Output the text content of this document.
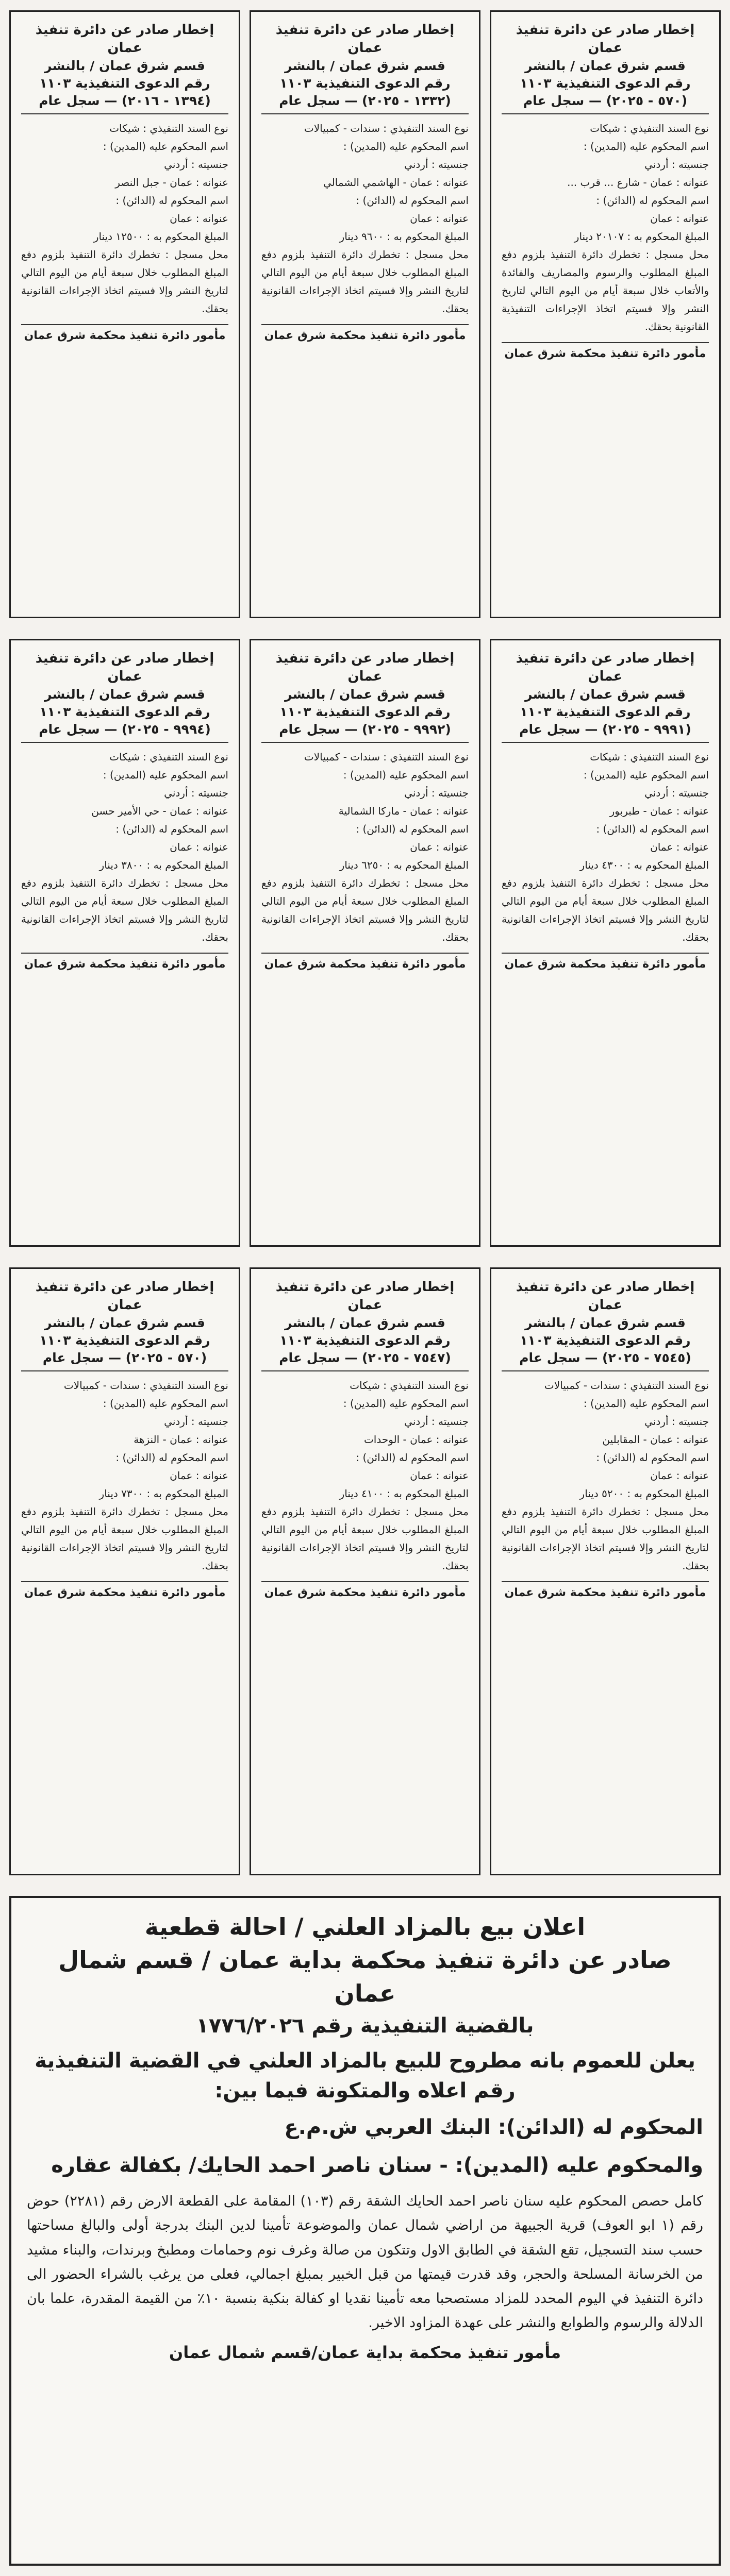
إخطار صادر عن دائرة تنفيذ عمان
قسم شرق عمان / بالنشر
رقم الدعوى التنفيذية ١١٠٣
(٥٧٠ - ٢٠٢٥) — سجل عام
نوع السند التنفيذي : شيكات
اسم المحكوم عليه (المدين) :
جنسيته : أردني
عنوانه : عمان - شارع ... قرب ...
اسم المحكوم له (الدائن) :
عنوانه : عمان
المبلغ المحكوم به : ٢٠١٠٧ دينار
محل مسجل : تخطرك دائرة التنفيذ بلزوم دفع المبلغ المطلوب والرسوم والمصاريف والفائدة والأتعاب خلال سبعة أيام من اليوم التالي لتاريخ النشر وإلا فسيتم اتخاذ الإجراءات التنفيذية القانونية بحقك.
مأمور دائرة تنفيذ محكمة شرق عمان
إخطار صادر عن دائرة تنفيذ عمان
قسم شرق عمان / بالنشر
رقم الدعوى التنفيذية ١١٠٣
(١٣٣٢ - ٢٠٢٥) — سجل عام
نوع السند التنفيذي : سندات - كمبيالات
اسم المحكوم عليه (المدين) :
جنسيته : أردني
عنوانه : عمان - الهاشمي الشمالي
اسم المحكوم له (الدائن) :
عنوانه : عمان
المبلغ المحكوم به : ٩٦٠٠ دينار
محل مسجل : تخطرك دائرة التنفيذ بلزوم دفع المبلغ المطلوب خلال سبعة أيام من اليوم التالي لتاريخ النشر وإلا فسيتم اتخاذ الإجراءات القانونية بحقك.
مأمور دائرة تنفيذ محكمة شرق عمان
إخطار صادر عن دائرة تنفيذ عمان
قسم شرق عمان / بالنشر
رقم الدعوى التنفيذية ١١٠٣
(١٣٩٤ - ٢٠١٦) — سجل عام
نوع السند التنفيذي : شيكات
اسم المحكوم عليه (المدين) :
جنسيته : أردني
عنوانه : عمان - جبل النصر
اسم المحكوم له (الدائن) :
عنوانه : عمان
المبلغ المحكوم به : ١٢٥٠٠ دينار
محل مسجل : تخطرك دائرة التنفيذ بلزوم دفع المبلغ المطلوب خلال سبعة أيام من اليوم التالي لتاريخ النشر وإلا فسيتم اتخاذ الإجراءات القانونية بحقك.
مأمور دائرة تنفيذ محكمة شرق عمان
إخطار صادر عن دائرة تنفيذ عمان
قسم شرق عمان / بالنشر
رقم الدعوى التنفيذية ١١٠٣
(٩٩٩١ - ٢٠٢٥) — سجل عام
نوع السند التنفيذي : شيكات
اسم المحكوم عليه (المدين) :
جنسيته : أردني
عنوانه : عمان - طبربور
اسم المحكوم له (الدائن) :
عنوانه : عمان
المبلغ المحكوم به : ٤٣٠٠ دينار
محل مسجل : تخطرك دائرة التنفيذ بلزوم دفع المبلغ المطلوب خلال سبعة أيام من اليوم التالي لتاريخ النشر وإلا فسيتم اتخاذ الإجراءات القانونية بحقك.
مأمور دائرة تنفيذ محكمة شرق عمان
إخطار صادر عن دائرة تنفيذ عمان
قسم شرق عمان / بالنشر
رقم الدعوى التنفيذية ١١٠٣
(٩٩٩٢ - ٢٠٢٥) — سجل عام
نوع السند التنفيذي : سندات - كمبيالات
اسم المحكوم عليه (المدين) :
جنسيته : أردني
عنوانه : عمان - ماركا الشمالية
اسم المحكوم له (الدائن) :
عنوانه : عمان
المبلغ المحكوم به : ٦٢٥٠ دينار
محل مسجل : تخطرك دائرة التنفيذ بلزوم دفع المبلغ المطلوب خلال سبعة أيام من اليوم التالي لتاريخ النشر وإلا فسيتم اتخاذ الإجراءات القانونية بحقك.
مأمور دائرة تنفيذ محكمة شرق عمان
إخطار صادر عن دائرة تنفيذ عمان
قسم شرق عمان / بالنشر
رقم الدعوى التنفيذية ١١٠٣
(٩٩٩٤ - ٢٠٢٥) — سجل عام
نوع السند التنفيذي : شيكات
اسم المحكوم عليه (المدين) :
جنسيته : أردني
عنوانه : عمان - حي الأمير حسن
اسم المحكوم له (الدائن) :
عنوانه : عمان
المبلغ المحكوم به : ٣٨٠٠ دينار
محل مسجل : تخطرك دائرة التنفيذ بلزوم دفع المبلغ المطلوب خلال سبعة أيام من اليوم التالي لتاريخ النشر وإلا فسيتم اتخاذ الإجراءات القانونية بحقك.
مأمور دائرة تنفيذ محكمة شرق عمان
إخطار صادر عن دائرة تنفيذ عمان
قسم شرق عمان / بالنشر
رقم الدعوى التنفيذية ١١٠٣
(٧٥٤٥ - ٢٠٢٥) — سجل عام
نوع السند التنفيذي : سندات - كمبيالات
اسم المحكوم عليه (المدين) :
جنسيته : أردني
عنوانه : عمان - المقابلين
اسم المحكوم له (الدائن) :
عنوانه : عمان
المبلغ المحكوم به : ٥٢٠٠ دينار
محل مسجل : تخطرك دائرة التنفيذ بلزوم دفع المبلغ المطلوب خلال سبعة أيام من اليوم التالي لتاريخ النشر وإلا فسيتم اتخاذ الإجراءات القانونية بحقك.
مأمور دائرة تنفيذ محكمة شرق عمان
إخطار صادر عن دائرة تنفيذ عمان
قسم شرق عمان / بالنشر
رقم الدعوى التنفيذية ١١٠٣
(٧٥٤٧ - ٢٠٢٥) — سجل عام
نوع السند التنفيذي : شيكات
اسم المحكوم عليه (المدين) :
جنسيته : أردني
عنوانه : عمان - الوحدات
اسم المحكوم له (الدائن) :
عنوانه : عمان
المبلغ المحكوم به : ٤١٠٠ دينار
محل مسجل : تخطرك دائرة التنفيذ بلزوم دفع المبلغ المطلوب خلال سبعة أيام من اليوم التالي لتاريخ النشر وإلا فسيتم اتخاذ الإجراءات القانونية بحقك.
مأمور دائرة تنفيذ محكمة شرق عمان
إخطار صادر عن دائرة تنفيذ عمان
قسم شرق عمان / بالنشر
رقم الدعوى التنفيذية ١١٠٣
(٥٧٠ - ٢٠٢٥) — سجل عام
نوع السند التنفيذي : سندات - كمبيالات
اسم المحكوم عليه (المدين) :
جنسيته : أردني
عنوانه : عمان - النزهة
اسم المحكوم له (الدائن) :
عنوانه : عمان
المبلغ المحكوم به : ٧٣٠٠ دينار
محل مسجل : تخطرك دائرة التنفيذ بلزوم دفع المبلغ المطلوب خلال سبعة أيام من اليوم التالي لتاريخ النشر وإلا فسيتم اتخاذ الإجراءات القانونية بحقك.
مأمور دائرة تنفيذ محكمة شرق عمان
اعلان بيع بالمزاد العلني / احالة قطعية
صادر عن دائرة تنفيذ محكمة بداية عمان / قسم شمال عمان
بالقضية التنفيذية رقم ١٧٧٦/٢٠٢٦
يعلن للعموم بانه مطروح للبيع بالمزاد العلني في القضية التنفيذية رقم اعلاه والمتكونة فيما بين:
المحكوم له (الدائن): البنك العربي ش.م.ع
والمحكوم عليه (المدين): - سنان ناصر احمد الحايك/ بكفالة عقاره
كامل حصص المحكوم عليه سنان ناصر احمد الحايك الشقة رقم (١٠٣) المقامة على القطعة الارض رقم (٢٢٨١) حوض رقم (١ ابو العوف) قرية الجبيهة من اراضي شمال عمان والموضوعة تأمينا لدين البنك بدرجة أولى والبالغ مساحتها حسب سند التسجيل، تقع الشقة في الطابق الاول وتتكون من صالة وغرف نوم وحمامات ومطبخ وبرندات، والبناء مشيد من الخرسانة المسلحة والحجر، وقد قدرت قيمتها من قبل الخبير بمبلغ اجمالي، فعلى من يرغب بالشراء الحضور الى دائرة التنفيذ في اليوم المحدد للمزاد مستصحبا معه تأمينا نقديا او كفالة بنكية بنسبة ١٠٪ من القيمة المقدرة، علما بان الدلالة والرسوم والطوابع والنشر على عهدة المزاود الاخير.
مأمور تنفيذ محكمة بداية عمان/قسم شمال عمان
